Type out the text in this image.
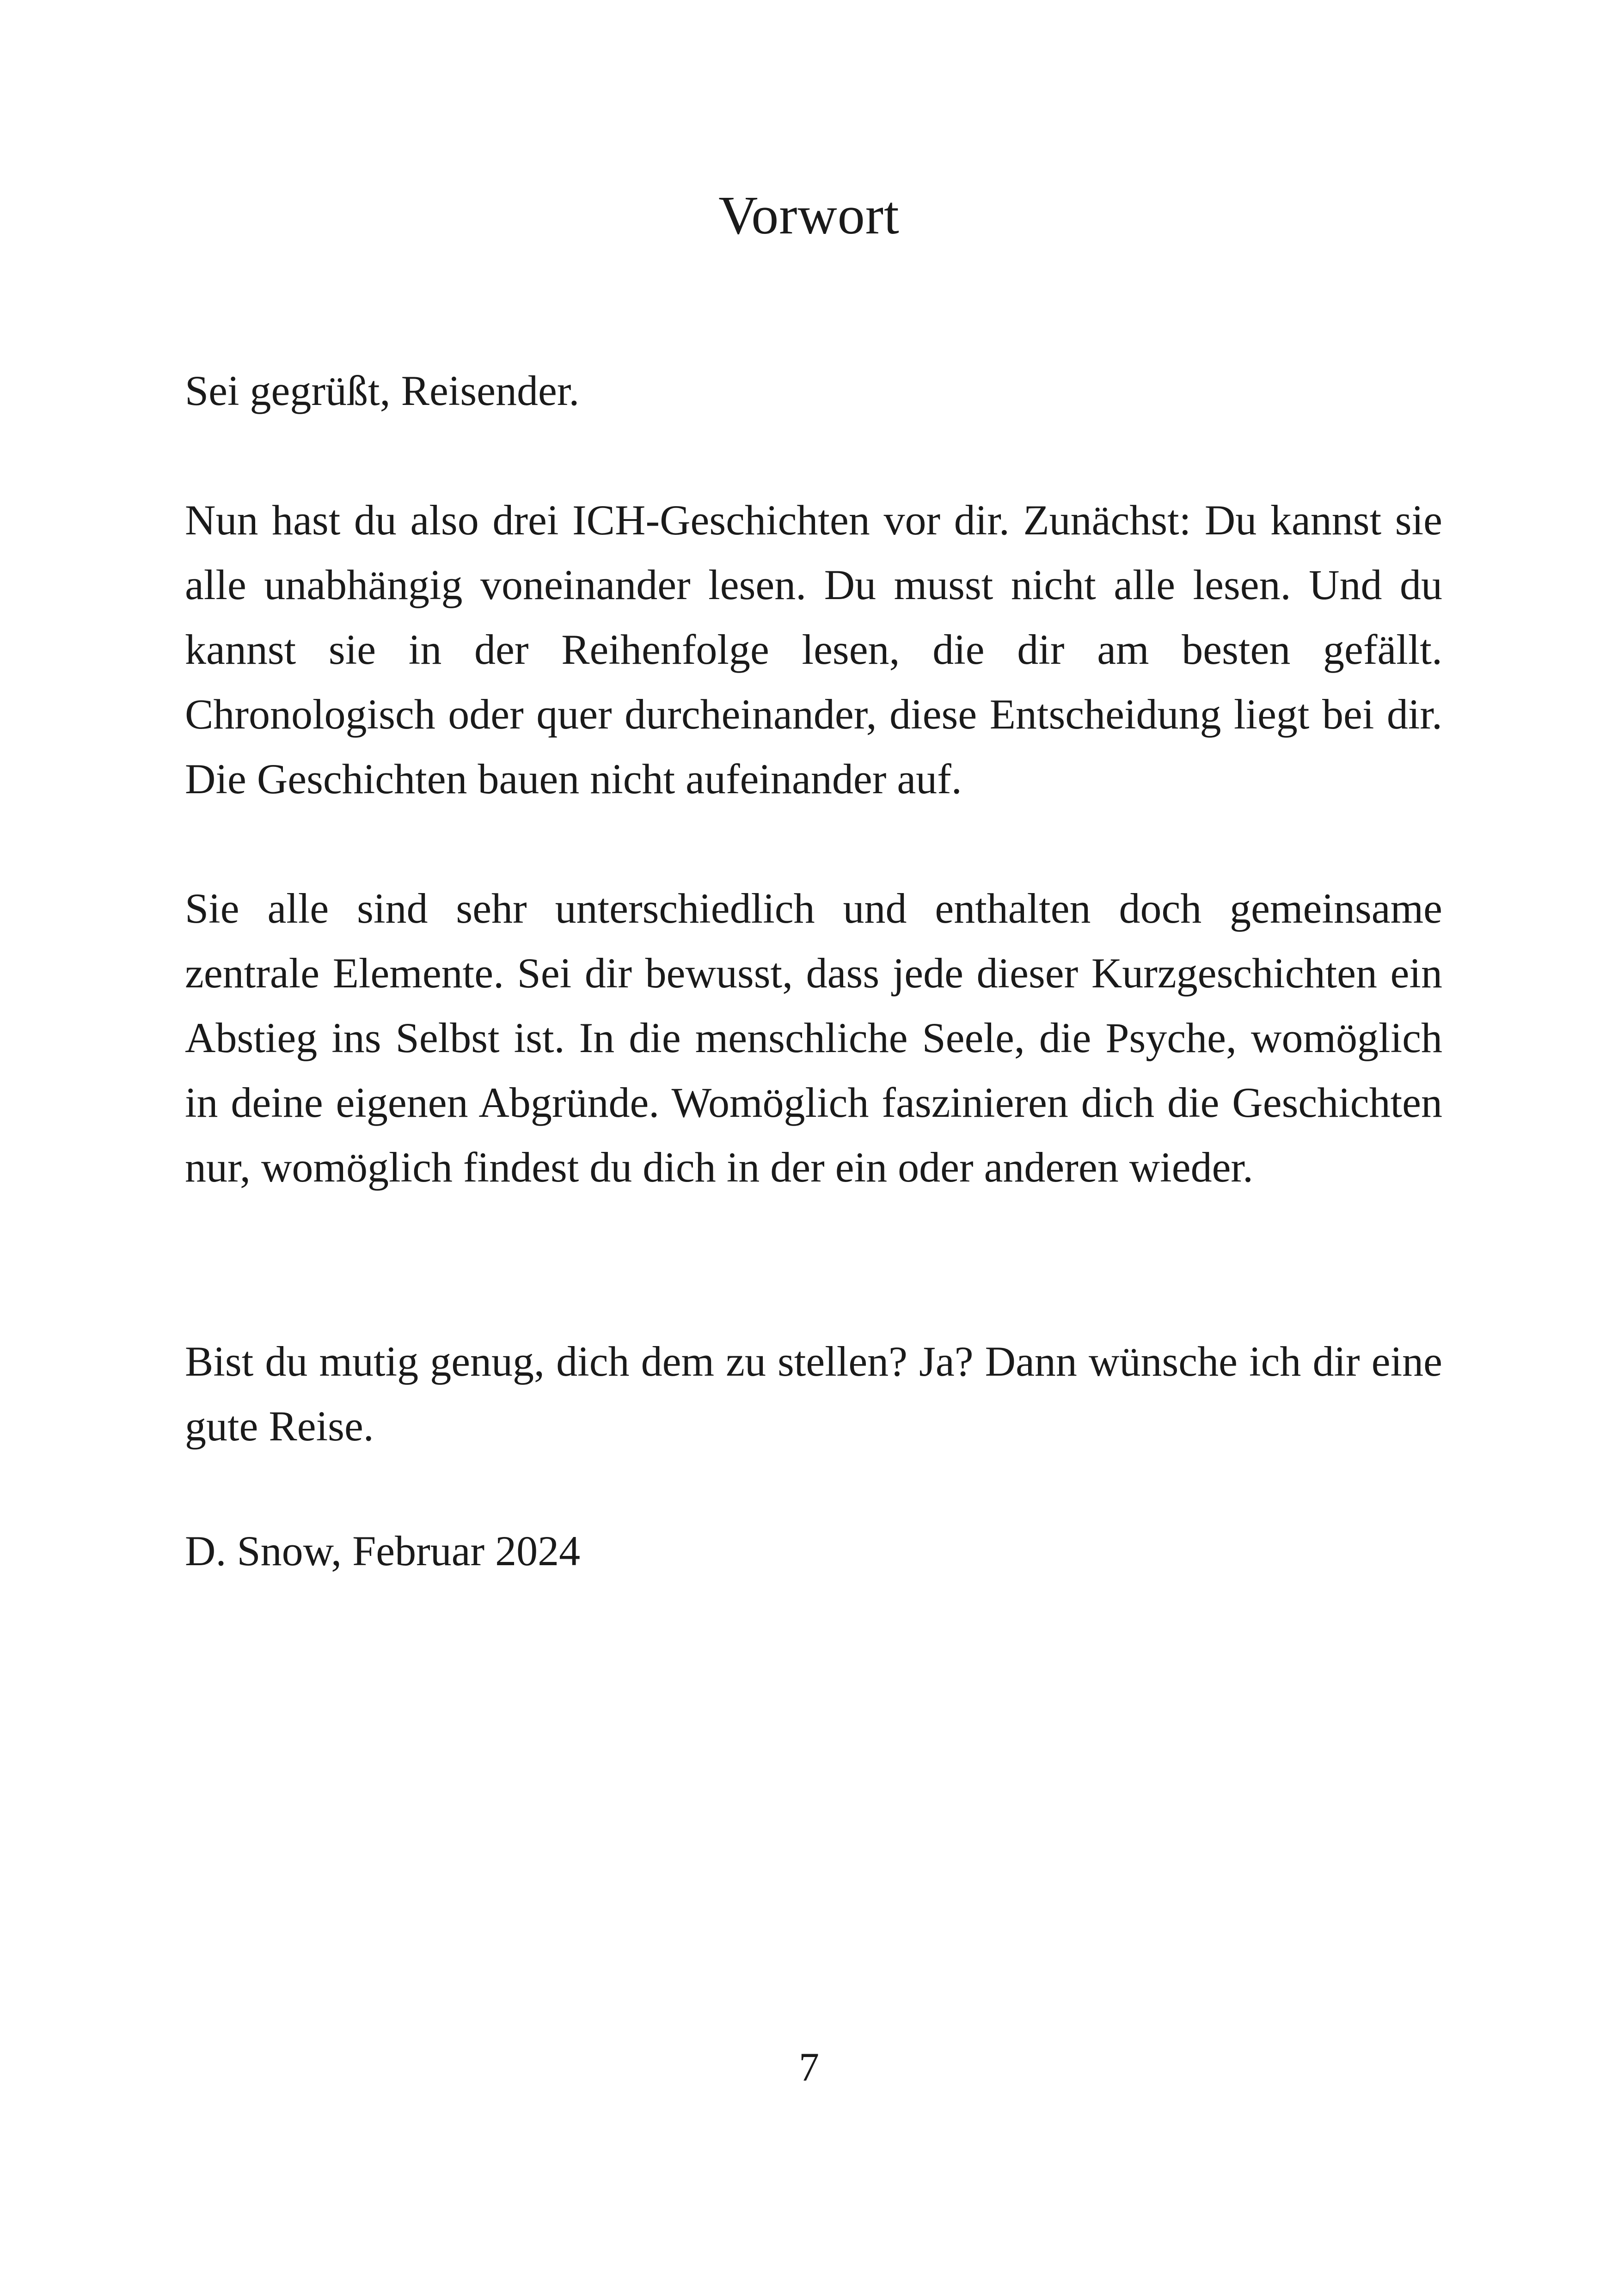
Vorwort

Sei gegrüßt, Reisender.

Nun hast du also drei ICH-Geschichten vor dir. Zunächst: Du kannst sie alle unabhängig voneinander lesen. Du musst nicht alle lesen. Und du kannst sie in der Reihenfolge lesen, die dir am besten gefällt. Chronologisch oder quer durcheinander, diese Entscheidung liegt bei dir. Die Geschichten bauen nicht aufeinander auf.

Sie alle sind sehr unterschiedlich und enthalten doch gemeinsame zentrale Elemente. Sei dir bewusst, dass jede dieser Kurzgeschichten ein Abstieg ins Selbst ist. In die menschliche Seele, die Psyche, womöglich in deine eigenen Abgründe. Womöglich faszinieren dich die Geschichten nur, womöglich findest du dich in der ein oder anderen wieder.

Bist du mutig genug, dich dem zu stellen? Ja? Dann wünsche ich dir eine gute Reise.

D. Snow, Februar 2024

7
